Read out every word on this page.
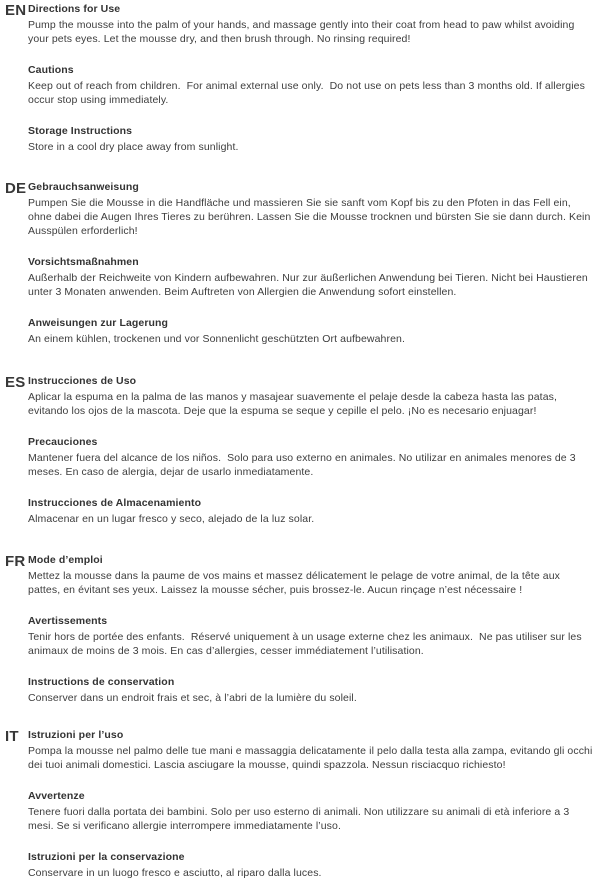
EN Directions for Use

Pump the mousse into the palm of your hands, and massage gently into their coat from head to paw whilst avoiding your pets eyes. Let the mousse dry, and then brush through. No rinsing required!

Cautions

Keep out of reach from children.  For animal external use only.  Do not use on pets less than 3 months old. If allergies occur stop using immediately.

Storage Instructions

Store in a cool dry place away from sunlight.

DE Gebrauchsanweisung

Pumpen Sie die Mousse in die Handfläche und massieren Sie sie sanft vom Kopf bis zu den Pfoten in das Fell ein, ohne dabei die Augen Ihres Tieres zu berühren. Lassen Sie die Mousse trocknen und bürsten Sie sie dann durch. Kein Ausspülen erforderlich!

Vorsichtsmaßnahmen

Außerhalb der Reichweite von Kindern aufbewahren. Nur zur äußerlichen Anwendung bei Tieren. Nicht bei Haustieren unter 3 Monaten anwenden. Beim Auftreten von Allergien die Anwendung sofort einstellen.

Anweisungen zur Lagerung

An einem kühlen, trockenen und vor Sonnenlicht geschützten Ort aufbewahren.

ES Instrucciones de Uso

Aplicar la espuma en la palma de las manos y masajear suavemente el pelaje desde la cabeza hasta las patas, evitando los ojos de la mascota. Deje que la espuma se seque y cepille el pelo. ¡No es necesario enjuagar!

Precauciones

Mantener fuera del alcance de los niños.  Solo para uso externo en animales. No utilizar en animales menores de 3 meses. En caso de alergia, dejar de usarlo inmediatamente.

Instrucciones de Almacenamiento

Almacenar en un lugar fresco y seco, alejado de la luz solar.

FR Mode d’emploi

Mettez la mousse dans la paume de vos mains et massez délicatement le pelage de votre animal, de la tête aux pattes, en évitant ses yeux. Laissez la mousse sécher, puis brossez-le. Aucun rinçage n’est nécessaire !

Avertissements

Tenir hors de portée des enfants.  Réservé uniquement à un usage externe chez les animaux.  Ne pas utiliser sur les animaux de moins de 3 mois. En cas d’allergies, cesser immédiatement l’utilisation.

Instructions de conservation

Conserver dans un endroit frais et sec, à l’abri de la lumière du soleil.

IT Istruzioni per l’uso

Pompa la mousse nel palmo delle tue mani e massaggia delicatamente il pelo dalla testa alla zampa, evitando gli occhi dei tuoi animali domestici. Lascia asciugare la mousse, quindi spazzola. Nessun risciacquo richiesto!

Avvertenze

Tenere fuori dalla portata dei bambini. Solo per uso esterno di animali. Non utilizzare su animali di età inferiore a 3 mesi. Se si verificano allergie interrompere immediatamente l’uso.

Istruzioni per la conservazione

Conservare in un luogo fresco e asciutto, al riparo dalla luces.
